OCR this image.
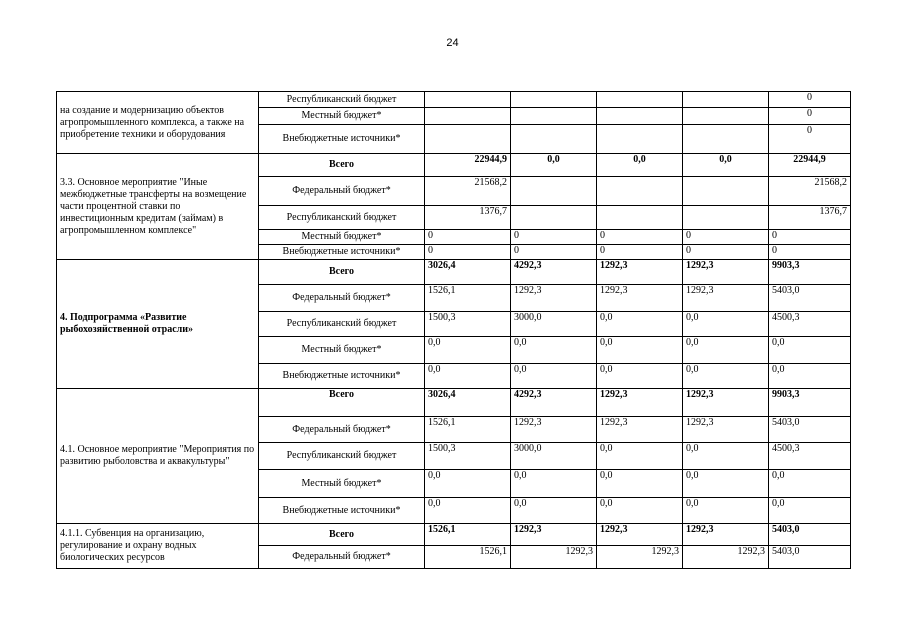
24
на создание и модернизацию объектов агропромышленного комплекса, а также на приобретение техники и оборудования	Республиканский бюджет					0
	Местный бюджет*					0
	Внебюджетные источники*					0
3.3. Основное мероприятие "Иные межбюджетные трансферты на возмещение части процентной ставки по инвестиционным кредитам (займам) в агропромышленном комплексе"	Всего	22944,9	0,0	0,0	0,0	22944,9
	Федеральный бюджет*	21568,2				21568,2
	Республиканский бюджет	1376,7				1376,7
	Местный бюджет*	0	0	0	0	0
	Внебюджетные источники*	0	0	0	0	0
4. Подпрограмма «Развитие рыбохозяйственной отрасли»	Всего	3026,4	4292,3	1292,3	1292,3	9903,3
	Федеральный бюджет*	1526,1	1292,3	1292,3	1292,3	5403,0
	Республиканский бюджет	1500,3	3000,0	0,0	0,0	4500,3
	Местный бюджет*	0,0	0,0	0,0	0,0	0,0
	Внебюджетные источники*	0,0	0,0	0,0	0,0	0,0
4.1. Основное мероприятие "Мероприятия по развитию рыболовства и аквакультуры"	Всего	3026,4	4292,3	1292,3	1292,3	9903,3
	Федеральный бюджет*	1526,1	1292,3	1292,3	1292,3	5403,0
	Республиканский бюджет	1500,3	3000,0	0,0	0,0	4500,3
	Местный бюджет*	0,0	0,0	0,0	0,0	0,0
	Внебюджетные источники*	0,0	0,0	0,0	0,0	0,0
4.1.1. Субвенция на организацию, регулирование и охрану водных биологических ресурсов	Всего	1526,1	1292,3	1292,3	1292,3	5403,0
	Федеральный бюджет*	1526,1	1292,3	1292,3	1292,3	5403,0
